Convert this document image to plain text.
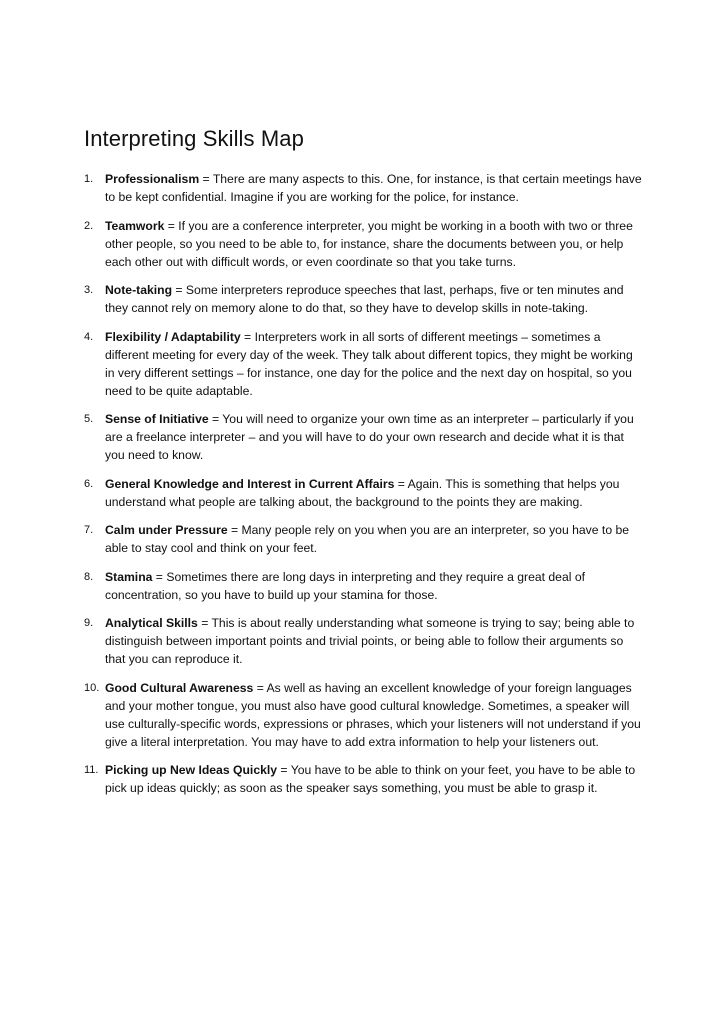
Interpreting Skills Map
1. Professionalism = There are many aspects to this. One, for instance, is that certain meetings have to be kept confidential. Imagine if you are working for the police, for instance.
2. Teamwork = If you are a conference interpreter, you might be working in a booth with two or three other people, so you need to be able to, for instance, share the documents between you, or help each other out with difficult words, or even coordinate so that you take turns.
3. Note-taking = Some interpreters reproduce speeches that last, perhaps, five or ten minutes and they cannot rely on memory alone to do that, so they have to develop skills in note-taking.
4. Flexibility / Adaptability = Interpreters work in all sorts of different meetings – sometimes a different meeting for every day of the week. They talk about different topics, they might be working in very different settings – for instance, one day for the police and the next day on hospital, so you need to be quite adaptable.
5. Sense of Initiative = You will need to organize your own time as an interpreter – particularly if you are a freelance interpreter – and you will have to do your own research and decide what it is that you need to know.
6. General Knowledge and Interest in Current Affairs = Again. This is something that helps you understand what people are talking about, the background to the points they are making.
7. Calm under Pressure = Many people rely on you when you are an interpreter, so you have to be able to stay cool and think on your feet.
8. Stamina = Sometimes there are long days in interpreting and they require a great deal of concentration, so you have to build up your stamina for those.
9. Analytical Skills = This is about really understanding what someone is trying to say; being able to distinguish between important points and trivial points, or being able to follow their arguments so that you can reproduce it.
10. Good Cultural Awareness = As well as having an excellent knowledge of your foreign languages and your mother tongue, you must also have good cultural knowledge. Sometimes, a speaker will use culturally-specific words, expressions or phrases, which your listeners will not understand if you give a literal interpretation. You may have to add extra information to help your listeners out.
11. Picking up New Ideas Quickly = You have to be able to think on your feet, you have to be able to pick up ideas quickly; as soon as the speaker says something, you must be able to grasp it.
